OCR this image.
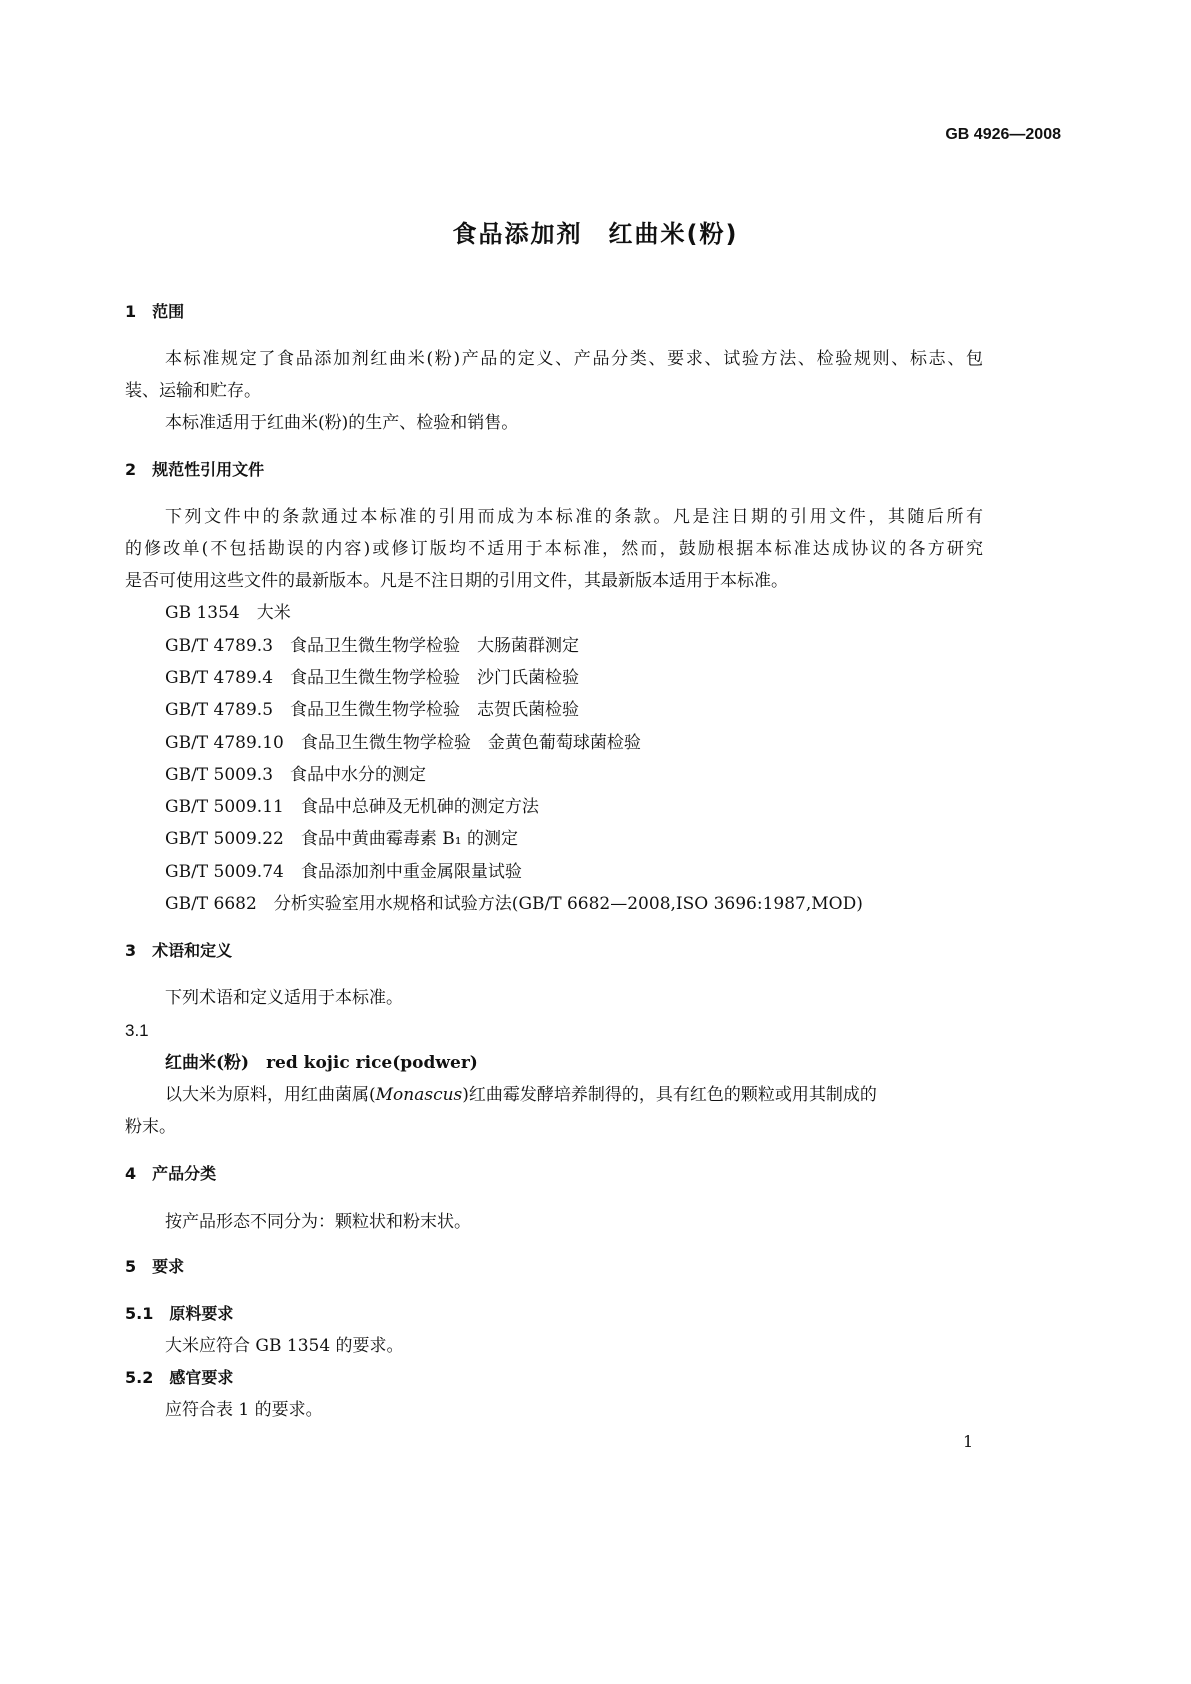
GB 4926—2008
食品添加剂　红曲米(粉)
1　范围
本标准规定了食品添加剂红曲米(粉)产品的定义、产品分类、要求、试验方法、检验规则、标志、包
装、运输和贮存。
本标准适用于红曲米(粉)的生产、检验和销售。
2　规范性引用文件
下列文件中的条款通过本标准的引用而成为本标准的条款。凡是注日期的引用文件，其随后所有
的修改单(不包括勘误的内容)或修订版均不适用于本标准，然而，鼓励根据本标准达成协议的各方研究
是否可使用这些文件的最新版本。凡是不注日期的引用文件，其最新版本适用于本标准。
GB 1354　大米
GB/T 4789.3　食品卫生微生物学检验　大肠菌群测定
GB/T 4789.4　食品卫生微生物学检验　沙门氏菌检验
GB/T 4789.5　食品卫生微生物学检验　志贺氏菌检验
GB/T 4789.10　食品卫生微生物学检验　金黄色葡萄球菌检验
GB/T 5009.3　食品中水分的测定
GB/T 5009.11　食品中总砷及无机砷的测定方法
GB/T 5009.22　食品中黄曲霉毒素 B₁ 的测定
GB/T 5009.74　食品添加剂中重金属限量试验
GB/T 6682　分析实验室用水规格和试验方法(GB/T 6682—2008,ISO 3696:1987,MOD)
3　术语和定义
下列术语和定义适用于本标准。
3.1
红曲米(粉)　red kojic rice(podwer)
以大米为原料，用红曲菌属(Monascus)红曲霉发酵培养制得的，具有红色的颗粒或用其制成的
粉末。
4　产品分类
按产品形态不同分为：颗粒状和粉末状。
5　要求
5.1　原料要求
大米应符合 GB 1354 的要求。
5.2　感官要求
应符合表 1 的要求。
1
